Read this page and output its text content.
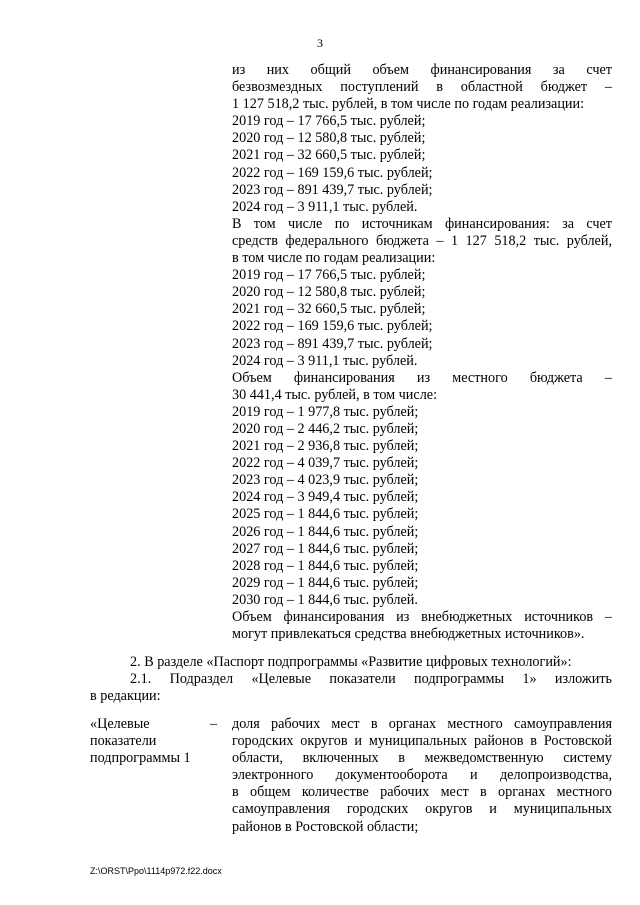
3
из них общий объем финансирования за счет
безвозмездных поступлений в областной бюджет –
1 127 518,2 тыс. рублей, в том числе по годам реализации:
2019 год – 17 766,5 тыс. рублей;
2020 год – 12 580,8 тыс. рублей;
2021 год – 32 660,5 тыс. рублей;
2022 год – 169 159,6 тыс. рублей;
2023 год – 891 439,7 тыс. рублей;
2024 год – 3 911,1 тыс. рублей.
В том числе по источникам финансирования: за счет
средств федерального бюджета – 1 127 518,2 тыс. рублей,
в том числе по годам реализации:
2019 год – 17 766,5 тыс. рублей;
2020 год – 12 580,8 тыс. рублей;
2021 год – 32 660,5 тыс. рублей;
2022 год – 169 159,6 тыс. рублей;
2023 год – 891 439,7 тыс. рублей;
2024 год – 3 911,1 тыс. рублей.
Объем финансирования из местного бюджета –
30 441,4 тыс. рублей, в том числе:
2019 год – 1 977,8 тыс. рублей;
2020 год – 2 446,2 тыс. рублей;
2021 год – 2 936,8 тыс. рублей;
2022 год – 4 039,7 тыс. рублей;
2023 год – 4 023,9 тыс. рублей;
2024 год – 3 949,4 тыс. рублей;
2025 год – 1 844,6 тыс. рублей;
2026 год – 1 844,6 тыс. рублей;
2027 год – 1 844,6 тыс. рублей;
2028 год – 1 844,6 тыс. рублей;
2029 год – 1 844,6 тыс. рублей;
2030 год – 1 844,6 тыс. рублей.
Объем финансирования из внебюджетных источников –
могут привлекаться средства внебюджетных источников».
2. В разделе «Паспорт подпрограммы «Развитие цифровых технологий»:
2.1. Подраздел «Целевые показатели подпрограммы 1» изложить
в редакции:
«Целевые
показатели
подпрограммы 1
– доля рабочих мест в органах местного самоуправления
городских округов и муниципальных районов в Ростовской
области, включенных в межведомственную систему
электронного документооборота и делопроизводства,
в общем количестве рабочих мест в органах местного
самоуправления городских округов и муниципальных
районов в Ростовской области;
Z:\ORST\Ppo\1114p972.f22.docx
